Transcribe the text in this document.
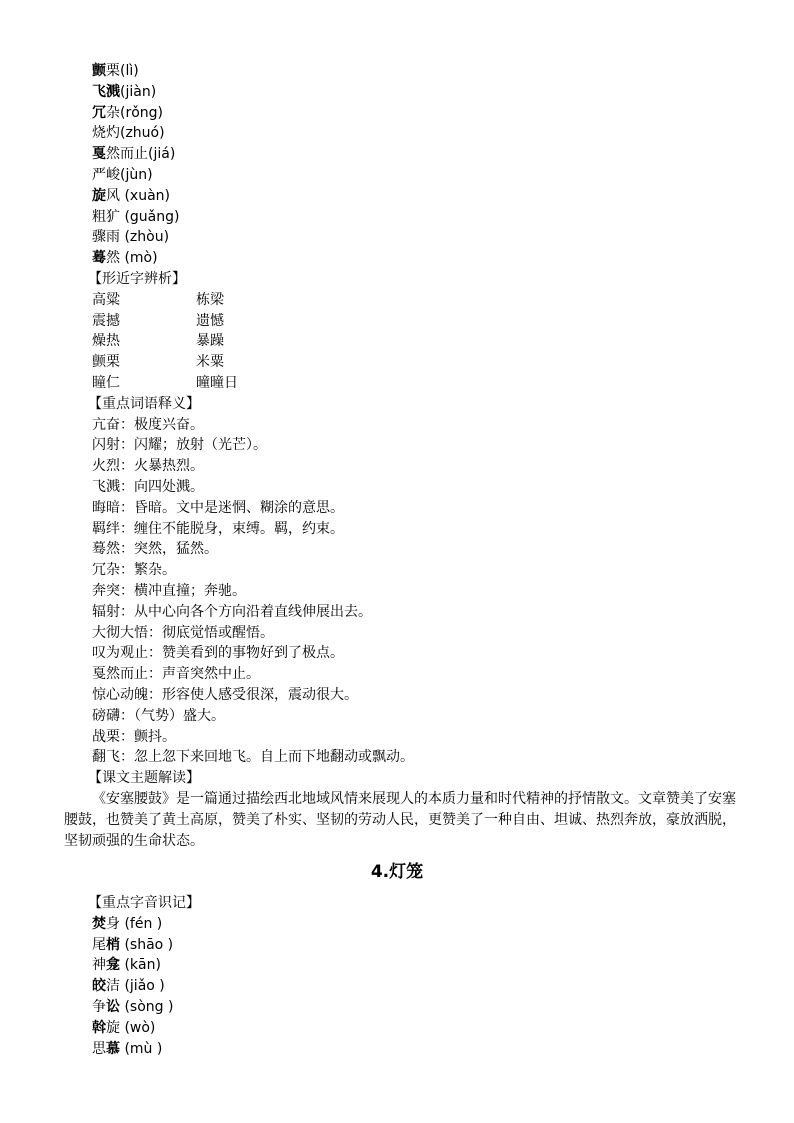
颤栗(lì)
飞溅(jiàn)
冗杂(rǒng)
烧灼(zhuó)
戛然而止(jiá)
严峻(jùn)
旋风 (xuàn)
粗犷 (guǎng)
骤雨 (zhòu)
蓦然 (mò)
【形近字辨析】
高粱	栋梁
震撼	遗憾
燥热	暴躁
颤栗	米粟
瞳仁	曈曈日
【重点词语释义】
亢奋：极度兴奋。
闪射：闪耀；放射（光芒）。
火烈：火暴热烈。
飞溅：向四处溅。
晦暗：昏暗。文中是迷惘、糊涂的意思。
羁绊：缠住不能脱身，束缚。羁，约束。
蓦然：突然，猛然。
冗杂：繁杂。
奔突：横冲直撞；奔驰。
辐射：从中心向各个方向沿着直线伸展出去。
大彻大悟：彻底觉悟或醒悟。
叹为观止：赞美看到的事物好到了极点。
戛然而止：声音突然中止。
惊心动魄：形容使人感受很深，震动很大。
磅礴：（气势）盛大。
战栗：颤抖。
翻飞：忽上忽下来回地飞。自上而下地翻动或飘动。
【课文主题解读】
《安塞腰鼓》是一篇通过描绘西北地域风情来展现人的本质力量和时代精神的抒情散文。文章赞美了安塞腰鼓，也赞美了黄土高原，赞美了朴实、坚韧的劳动人民，更赞美了一种自由、坦诚、热烈奔放，豪放洒脱，坚韧顽强的生命状态。
4.灯笼
【重点字音识记】
焚身 (fén )
尾梢 (shāo )
神龛 (kān)
皎洁 (jiǎo )
争讼 (sòng )
斡旋 (wò)
思慕 (mù )
